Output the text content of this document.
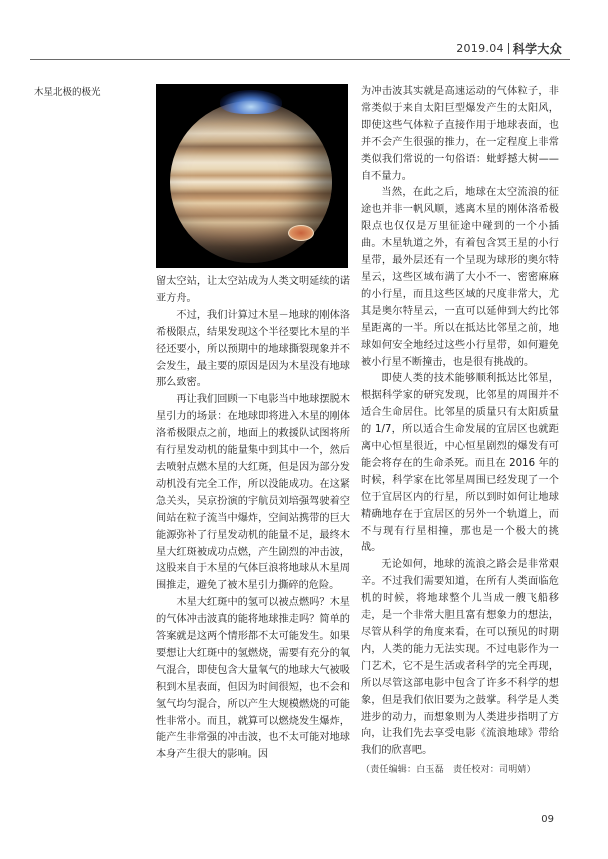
2019.04 科学大众
木星北极的极光

留太空站，让太空站成为人类文明延续的诺亚方舟。

不过，我们计算过木星－地球的刚体洛希极限点，结果发现这个半径要比木星的半径还要小，所以预期中的地球撕裂现象并不会发生，最主要的原因是因为木星没有地球那么致密。

再让我们回顾一下电影当中地球摆脱木星引力的场景：在地球即将进入木星的刚体洛希极限点之前，地面上的救援队试图将所有行星发动机的能量集中到其中一个，然后去喷射点燃木星的大红斑，但是因为部分发动机没有完全工作，所以没能成功。在这紧急关头，吴京扮演的宇航员刘培强驾驶着空间站在粒子流当中爆炸，空间站携带的巨大能源弥补了行星发动机的能量不足，最终木星大红斑被成功点燃，产生剧烈的冲击波，这股来自于木星的气体巨浪将地球从木星周围推走，避免了被木星引力撕碎的危险。

木星大红斑中的氢可以被点燃吗？木星的气体冲击波真的能将地球推走吗？简单的答案就是这两个情形都不太可能发生。如果要想让大红斑中的氢燃烧，需要有充分的氧气混合，即使包含大量氧气的地球大气被吸积到木星表面，但因为时间很短，也不会和氢气均匀混合，所以产生大规模燃烧的可能性非常小。而且，就算可以燃烧发生爆炸，能产生非常强的冲击波，也不太可能对地球本身产生很大的影响。因

为冲击波其实就是高速运动的气体粒子，非常类似于来自太阳巨型爆发产生的太阳风，即使这些气体粒子直接作用于地球表面，也并不会产生很强的推力，在一定程度上非常类似我们常说的一句俗语：蚍蜉撼大树——自不量力。

当然，在此之后，地球在太空流浪的征途也并非一帆风顺，逃离木星的刚体洛希极限点也仅仅是万里征途中碰到的一个小插曲。木星轨道之外，有着包含冥王星的小行星带，最外层还有一个呈现为球形的奥尔特星云，这些区域布满了大小不一、密密麻麻的小行星，而且这些区域的尺度非常大，尤其是奥尔特星云，一直可以延伸到大约比邻星距离的一半。所以在抵达比邻星之前，地球如何安全地经过这些小行星带，如何避免被小行星不断撞击，也是很有挑战的。

即使人类的技术能够顺利抵达比邻星，根据科学家的研究发现，比邻星的周围并不适合生命居住。比邻星的质量只有太阳质量的 1/7，所以适合生命发展的宜居区也就距离中心恒星很近，中心恒星剧烈的爆发有可能会将存在的生命杀死。而且在 2016 年的时候，科学家在比邻星周围已经发现了一个位于宜居区内的行星，所以到时如何让地球精确地存在于宜居区的另外一个轨道上，而不与现有行星相撞，那也是一个极大的挑战。

无论如何，地球的流浪之路会是非常艰辛。不过我们需要知道，在所有人类面临危机的时候，将地球整个儿当成一艘飞船移走，是一个非常大胆且富有想象力的想法，尽管从科学的角度来看，在可以预见的时期内，人类的能力无法实现。不过电影作为一门艺术，它不是生活或者科学的完全再现，所以尽管这部电影中包含了许多不科学的想象，但是我们依旧要为之鼓掌。科学是人类进步的动力，而想象则为人类进步指明了方向，让我们先去享受电影《流浪地球》带给我们的欣喜吧。

（责任编辑：白玉磊　责任校对：司明婧）

09
